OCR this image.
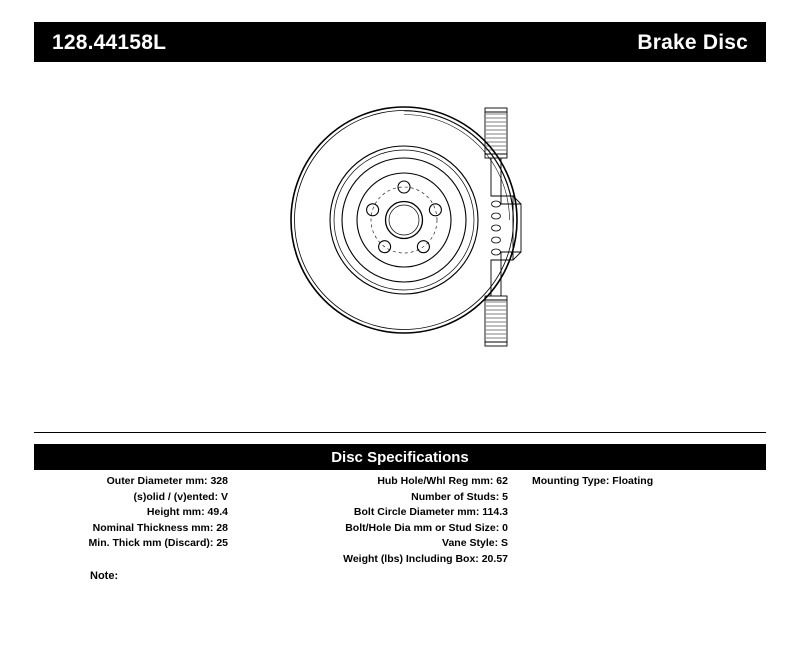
128.44158L	Brake Disc
Disc Specifications
Outer Diameter mm: 328
(s)olid / (v)ented: V
Height mm: 49.4
Nominal Thickness mm: 28
Min. Thick mm (Discard): 25
Hub Hole/Whl Reg mm: 62
Number of Studs: 5
Bolt Circle Diameter mm: 114.3
Bolt/Hole Dia mm or Stud Size: 0
Vane Style: S
Weight (lbs) Including Box: 20.57
Mounting Type: Floating
Note:
